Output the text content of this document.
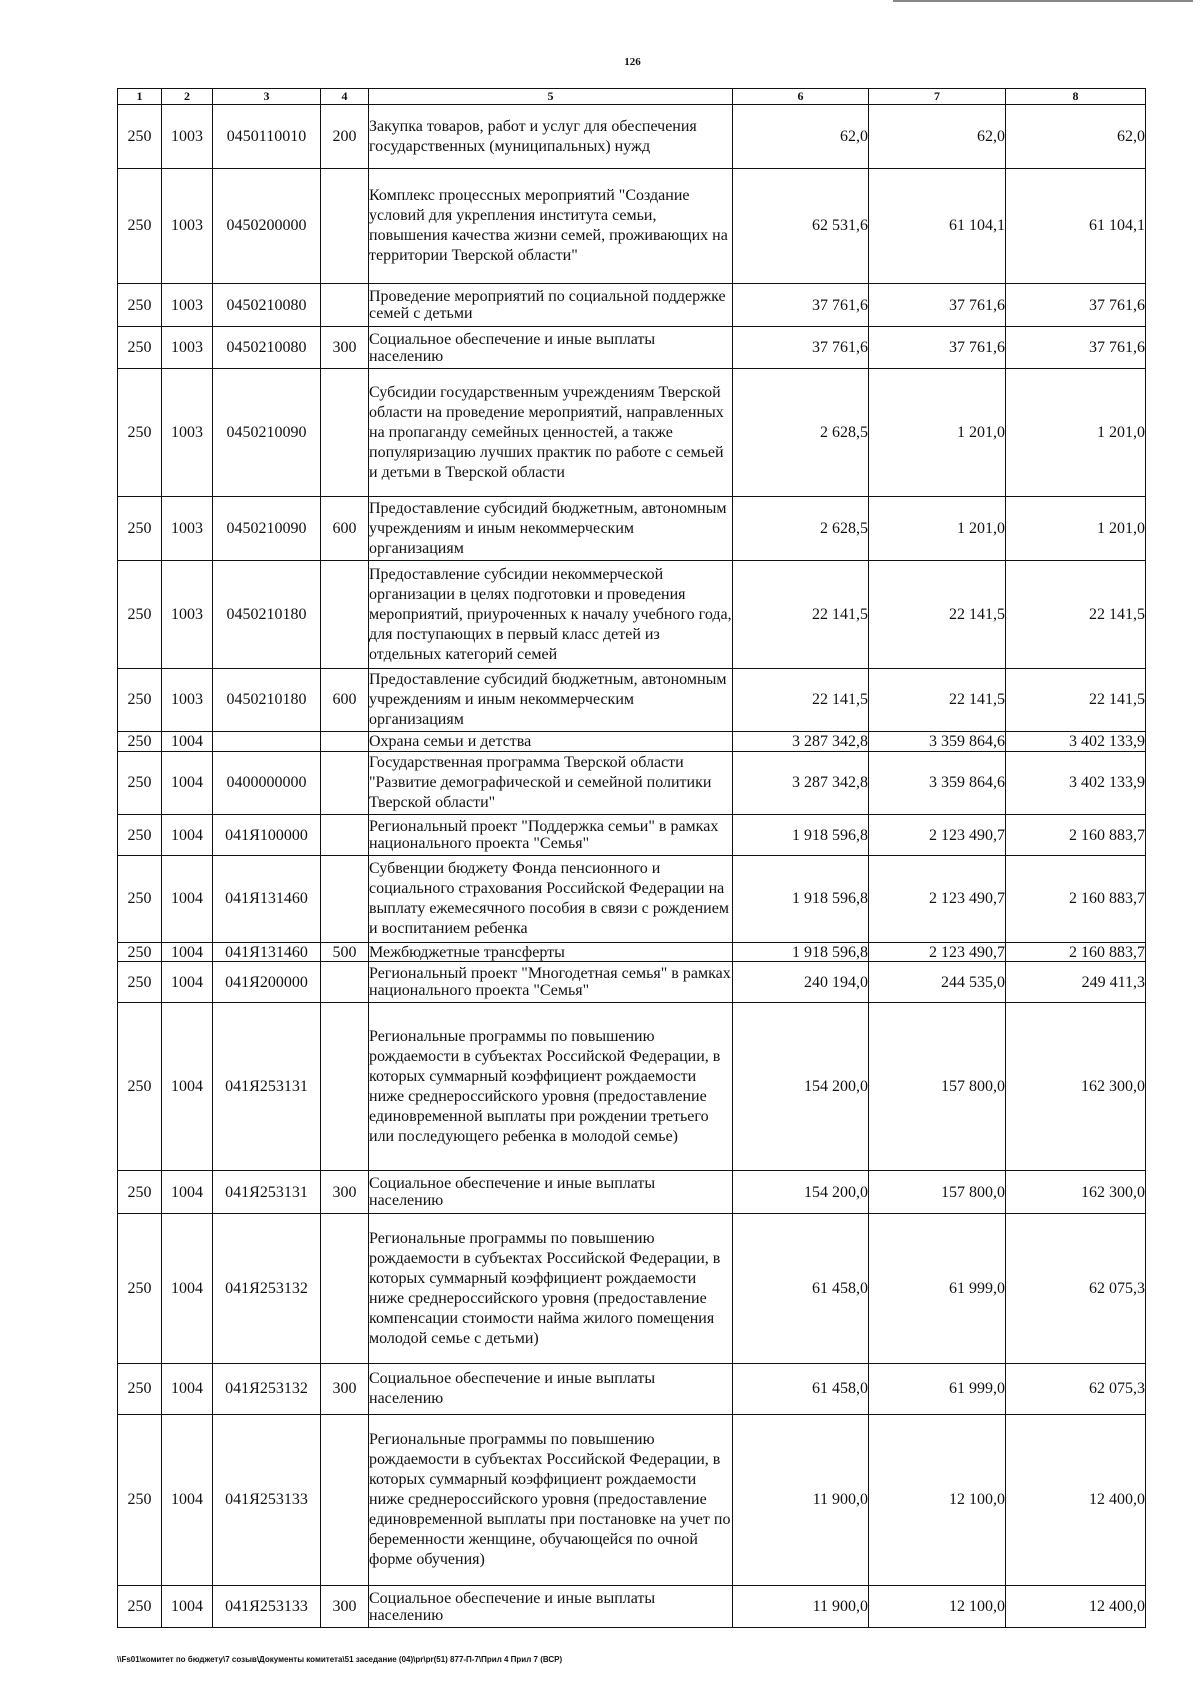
126
1	2	3	4	5	6	7	8
250	1003	0450110010	200	Закупка товаров, работ и услуг для обеспечения государственных (муниципальных) нужд	62,0	62,0	62,0
250	1003	0450200000		Комплекс процессных мероприятий "Создание условий для укрепления института семьи, повышения качества жизни семей, проживающих на территории Тверской области"	62 531,6	61 104,1	61 104,1
250	1003	0450210080		Проведение мероприятий по социальной поддержке семей с детьми	37 761,6	37 761,6	37 761,6
250	1003	0450210080	300	Социальное обеспечение и иные выплаты населению	37 761,6	37 761,6	37 761,6
250	1003	0450210090		Субсидии государственным учреждениям Тверской области на проведение мероприятий, направленных на пропаганду семейных ценностей, а также популяризацию лучших практик по работе с семьей и детьми в Тверской области	2 628,5	1 201,0	1 201,0
250	1003	0450210090	600	Предоставление субсидий бюджетным, автономным учреждениям и иным некоммерческим организациям	2 628,5	1 201,0	1 201,0
250	1003	0450210180		Предоставление субсидии некоммерческой организации в целях подготовки и проведения мероприятий, приуроченных к началу учебного года, для поступающих в первый класс детей из отдельных категорий семей	22 141,5	22 141,5	22 141,5
250	1003	0450210180	600	Предоставление субсидий бюджетным, автономным учреждениям и иным некоммерческим организациям	22 141,5	22 141,5	22 141,5
250	1004			Охрана семьи и детства	3 287 342,8	3 359 864,6	3 402 133,9
250	1004	0400000000		Государственная программа Тверской области "Развитие демографической и семейной политики Тверской области"	3 287 342,8	3 359 864,6	3 402 133,9
250	1004	041Я100000		Региональный проект "Поддержка семьи" в рамках национального проекта "Семья"	1 918 596,8	2 123 490,7	2 160 883,7
250	1004	041Я131460		Субвенции бюджету Фонда пенсионного и социального страхования Российской Федерации на выплату ежемесячного пособия в связи с рождением и воспитанием ребенка	1 918 596,8	2 123 490,7	2 160 883,7
250	1004	041Я131460	500	Межбюджетные трансферты	1 918 596,8	2 123 490,7	2 160 883,7
250	1004	041Я200000		Региональный проект "Многодетная семья" в рамках национального проекта "Семья"	240 194,0	244 535,0	249 411,3
250	1004	041Я253131		Региональные программы по повышению рождаемости в субъектах Российской Федерации, в которых суммарный коэффициент рождаемости ниже среднероссийского уровня (предоставление единовременной выплаты при рождении третьего или последующего ребенка в молодой семье)	154 200,0	157 800,0	162 300,0
250	1004	041Я253131	300	Социальное обеспечение и иные выплаты населению	154 200,0	157 800,0	162 300,0
250	1004	041Я253132		Региональные программы по повышению рождаемости в субъектах Российской Федерации, в которых суммарный коэффициент рождаемости ниже среднероссийского уровня (предоставление компенсации стоимости найма жилого помещения молодой семье с детьми)	61 458,0	61 999,0	62 075,3
250	1004	041Я253132	300	Социальное обеспечение и иные выплаты населению	61 458,0	61 999,0	62 075,3
250	1004	041Я253133		Региональные программы по повышению рождаемости в субъектах Российской Федерации, в которых суммарный коэффициент рождаемости ниже среднероссийского уровня (предоставление единовременной выплаты при постановке на учет по беременности женщине, обучающейся по очной форме обучения)	11 900,0	12 100,0	12 400,0
250	1004	041Я253133	300	Социальное обеспечение и иные выплаты населению	11 900,0	12 100,0	12 400,0
\\Fs01\комитет по бюджету\7 созыв\Документы комитета\51 заседание (04)\pr\pr(51) 877-П-7\Прил 4 Прил 7 (ВСР)
